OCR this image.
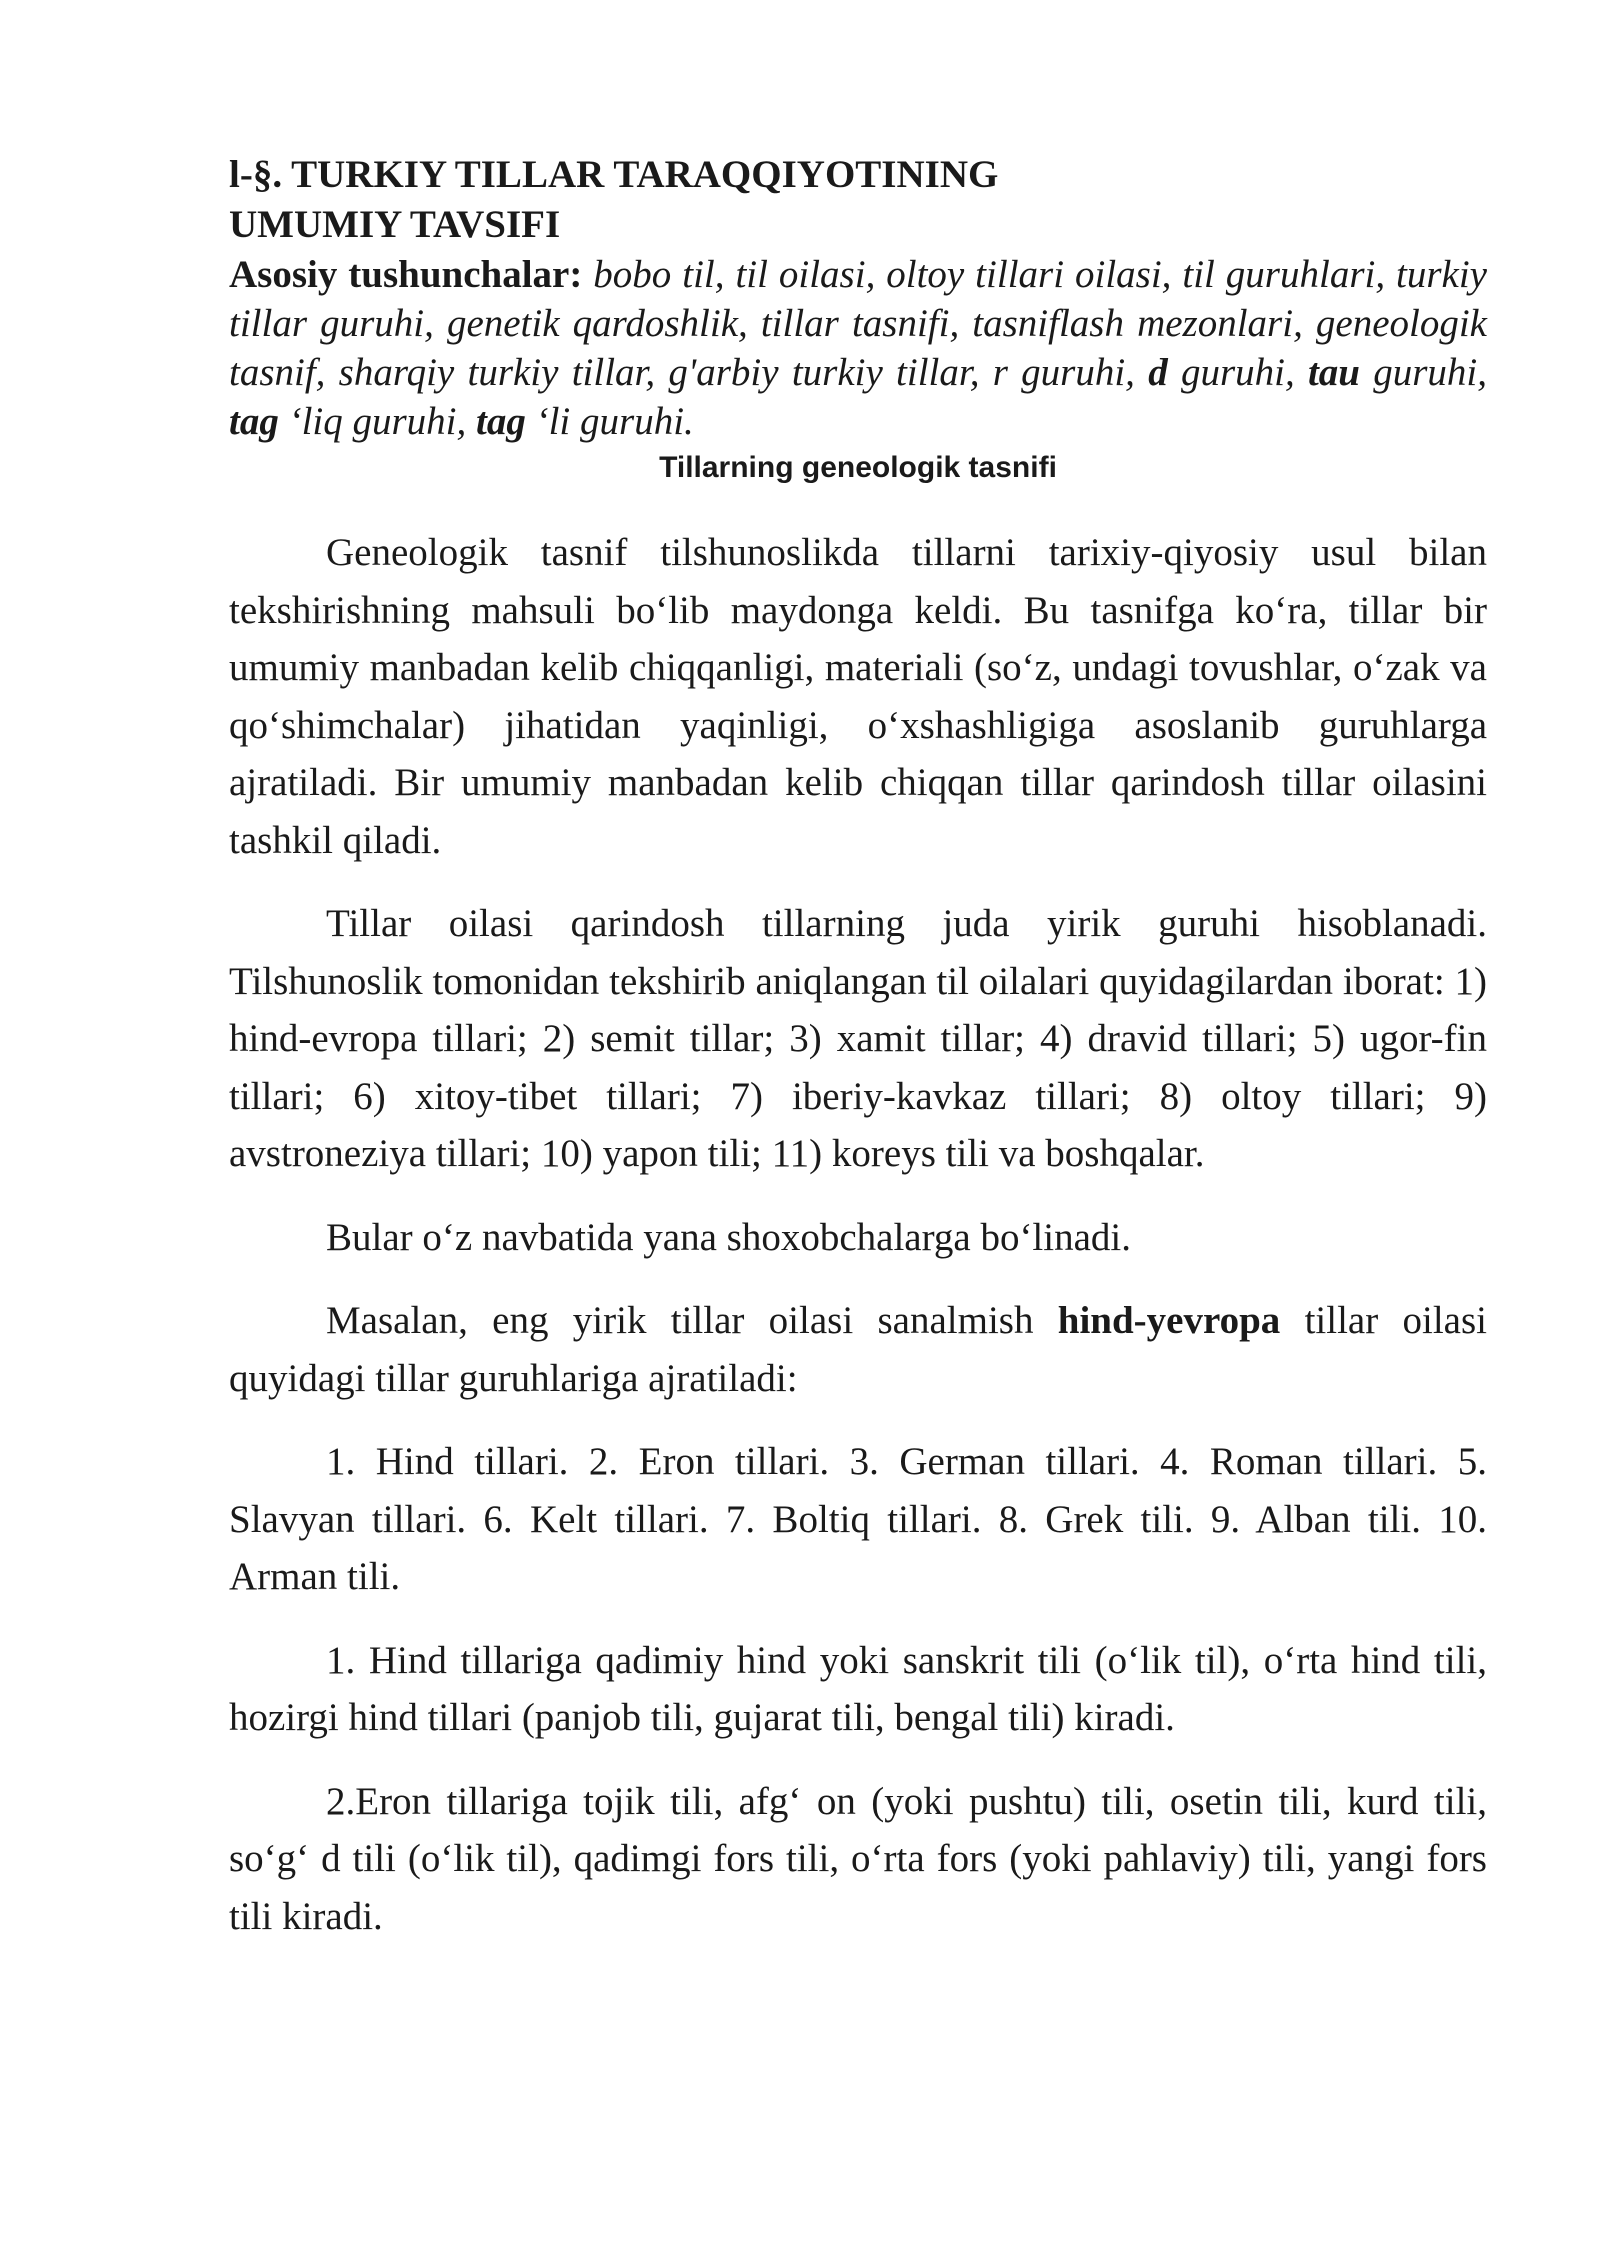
l-§. TURKIY TILLAR TARAQQIYOTINING
UMUMIY TAVSIFI

Asosiy tushunchalar: bobo til, til oilasi, oltoy tillari oilasi, til guruhlari, turkiy tillar guruhi, genetik qardoshlik, tillar tasnifi, tasniflash mezonlari, geneologik tasnif, sharqiy turkiy tillar, g'arbiy turkiy tillar, r guruhi, d guruhi, tau guruhi, tag ‘liq guruhi, tag ‘li guruhi.

Tillarning geneologik tasnifi

Geneologik tasnif tilshunoslikda tillarni tarixiy-qiyosiy usul bilan tekshirishning mahsuli bo‘lib maydonga keldi. Bu tasnifga ko‘ra, tillar bir umumiy manbadan kelib chiqqanligi, materiali (so‘z, undagi tovushlar, o‘zak va qo‘shimchalar) jihatidan yaqinligi, o‘xshashligiga asoslanib guruhlarga ajratiladi. Bir umumiy manbadan kelib chiqqan tillar qarindosh tillar oilasini tashkil qiladi.

Tillar oilasi qarindosh tillarning juda yirik guruhi hisoblanadi. Tilshunoslik tomonidan tekshirib aniqlangan til oilalari quyidagilardan iborat: 1) hind-evropa tillari; 2) semit tillar; 3) xamit tillar; 4) dravid tillari; 5) ugor-fin tillari; 6) xitoy-tibet tillari; 7) iberiy-kavkaz tillari; 8) oltoy tillari; 9) avstroneziya tillari; 10) yapon tili; 11) koreys tili va boshqalar.

Bular o‘z navbatida yana shoxobchalarga bo‘linadi.

Masalan, eng yirik tillar oilasi sanalmish hind-yevropa tillar oilasi quyidagi tillar guruhlariga ajratiladi:

1. Hind tillari. 2. Eron tillari. 3. German tillari. 4. Roman tillari. 5. Slavyan tillari. 6. Kelt tillari. 7. Boltiq tillari. 8. Grek tili. 9. Alban tili. 10. Arman tili.

1. Hind tillariga qadimiy hind yoki sanskrit tili (o‘lik til), o‘rta hind tili, hozirgi hind tillari (panjob tili, gujarat tili, bengal tili) kiradi.

2.Eron tillariga tojik tili, afg‘ on (yoki pushtu) tili, osetin tili, kurd tili, so‘g‘ d tili (o‘lik til), qadimgi fors tili, o‘rta fors (yoki pahlaviy) tili, yangi fors tili kiradi.
